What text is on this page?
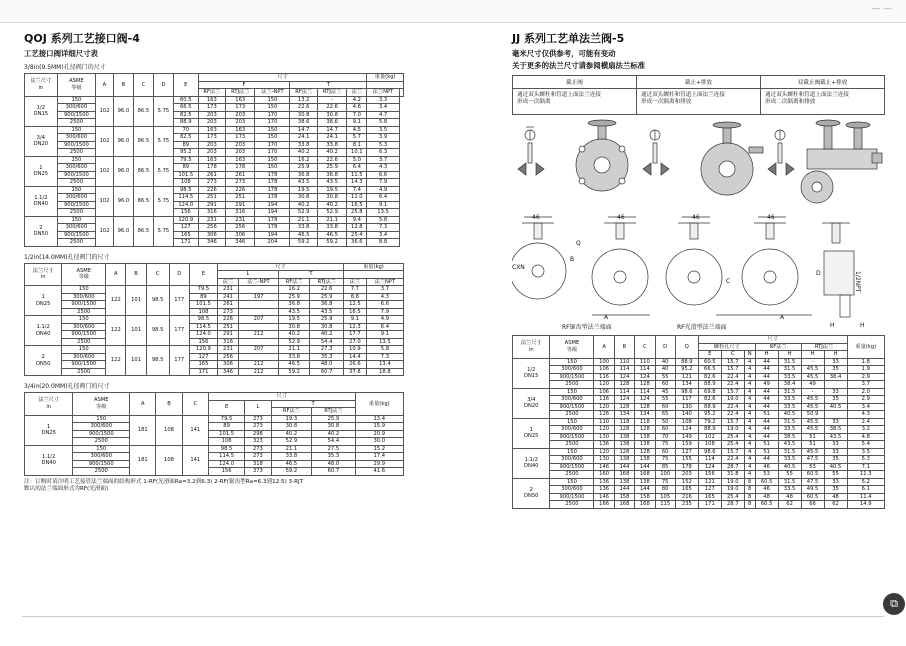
— —
QOJ 系列工艺接口阀-4
工艺接口阀详细尺寸表
3/8in(9.5MM)孔径阀门的尺寸
法兰尺寸
in	ASME
等级	A	B	C	D	E	尺寸						重量(kg)	
							F			T				
							RF法兰	RTJ法兰	法兰-NPT	RF法兰	RTJ法兰	法兰	法兰NPT	
1/2
DN15	150	102	96.0	86.5	5.75	60.5	163	163	150	13.2	-	4.2	3.3	
	300/600					66.5	173	173	150	22.6	22.6	4.6	3.4	
	900/1500					82.5	203	203	170	30.8	30.8	7.0	4.7	
	2500					88.9	203	203	170	38.6	38.6	9.1	5.8	
3/4
DN20	150	102	96.0	86.5	5.75	70	163	163	150	14.7	14.7	4.5	3.5	
	300/600					82.5	173	173	150	24.1	24.1	5.7	3.9	
	900/1500					89	203	203	170	33.8	33.8	8.1	5.3	
	2500					95.2	203	203	170	40.2	40.2	10.1	6.3	
1
DN25	150	102	96.0	86.5	5.75	79.5	163	163	150	16.2	22.6	5.0	3.7	
	300/600					89	178	178	150	25.9	25.9	6.4	4.3	
	900/1500					101.5	261	261	178	36.8	36.8	11.5	6.6	
	2500					108	273	273	178	43.5	43.5	14.3	7.9	
1.1/2
DN40	150	102	96.0	86.5	5.75	98.5	226	226	178	19.5	19.5	7.4	4.9	
	300/600					114.5	251	251	178	30.8	30.8	11.0	6.4	
	900/1500					124.0	291	291	194	40.2	40.2	16.5	9.1	
	2500					156	316	316	194	52.9	52.9	25.8	13.5	
2
DN50	150	102	96.0	86.5	5.75	120.9	231	231	178	21.1	21.1	9.4	5.8	
	300/600					127	256	256	178	33.8	33.8	12.8	7.3	
	900/1500					165	306	306	194	46.5	46.5	25.4	3.4	
	2500					171	346	346	204	59.2	59.2	36.6	8.8	
1/2in(14.0MM)孔径阀门的尺寸
法兰尺寸
in	ASME
等级	A	B	C	D	E	尺寸				重量(kg)	
							L		T			
							法兰	法兰-NPT	RF法兰	RTJ法兰	法兰	法兰NPT
1
DN25	150	122	101	98.5	177	79.5	231		16.2	22.6	7.7	3.7
	300/600					89	241	197	25.9	25.9	8.8	4.3
	900/1500					101.5	261		36.8	36.8	12.5	6.6
	2500					108	273		43.5	43.5	16.5	7.9
1.1/2
DN40	150	122	101	98.5	177	98.5	226	207	19.5	25.9	9.1	4.9
	300/600					114.5	251		30.8	30.8	12.3	6.4
	900/1500					124.0	291	212	40.2	40.2	17.7	9.1
	2500					156	316		52.9	54.4	27.0	13.5
2
DN50	150	122	101	98.5	177	120.9	231	207	21.1	27.3	10.9	5.8
	300/600					127	256		33.8	35.3	14.4	7.3
	900/1500					165	306	212	46.5	48.0	26.6	13.4
	2500					171	346	212	59.2	60.7	37.8	18.8
3/4in(20.0MM)孔径阀门的尺寸
法兰尺寸
in	ASME
等级	A	B	C	尺寸				重量(kg)
					E	L	T		
							RF法兰	RTJ法兰	
1
DN25	150	181	108	141	79.5	273	19.3	25.9	13.4
	300/600				89	273	30.8	30.8	15.9
	900/1500				101.5	298	40.2	40.2	20.9
	2500				108	323	52.9	54.4	30.0
1.1/2
DN40	150	181	108	141	98.5	273	21.1	27.5	15.2
	300/600				114.5	273	33.8	35.3	17.4
	900/1500				124.0	318	46.5	48.0	29.9
	2500				156	373	59.2	60.7	41.6
注：订购时请注明工艺接管法兰端面的结构形式 1-RF(光滑面Ra=3.2到6.3) 2-RF(锯齿型Ra=6.3到12.5) 3-RJT
默认的法兰端面形式为RF(光滑面)
JJ 系列工艺单法兰阀-5
毫米尺寸仅供参考，可能有变动
关于更多的法兰尺寸请参阅横扇法兰标准
截止阀
通过双头螺柱和管道上面法兰连接
形成一次隔离
截止+排放
通过双头螺柱和管道上面法兰连接
形成一次隔离和排放
双截止阀截止+排放
通过双头螺柱和管道上面法兰连接
形成二次隔离和排放
46
CXN
B
Q
46
A
46
C
46
A
1/2NPT
H	H
D
RF锯齿型法兰端面	RF光滑型法兰端面
法兰尺寸
in	ASME
等级	A	B	C	D	Q	尺寸							重量(kg)
							螺栓孔尺寸			RF法兰		RTJ法兰		
							E	C	N	H	H	H	H	
1/2
DN15	150	100	110	110	40	88.9	60.5	15.7	4	44	31.5	-	33	1.8
	300/600	106	114	114	40	95.2	66.5	15.7	4	44	31.5	45.5	35	1.9
	900/1500	116	124	124	55	121	82.6	22.4	4	44	33.5	45.5	38.4	2.9
	2500	120	128	128	60	134	88.9	22.4	4	49	38.4	49		3.7
3/4
DN20	150	106	114	114	45	98.6	69.8	15.7	4	44	31.5	-	33	2.0
	300/600	116	124	124	55	117	82.6	19.0	4	44	33.5	45.5	35	2.9
	900/1500	120	128	128	60	130	88.9	22.4	4	44	33.5	45.5	40.5	3.4
	2500	126	134	134	65	140	95.2	22.4	4	51	40.5	50.9		4.3
1
DN25	150	110	118	118	50	108	79.2	15.7	4	44	31.5	45.5	33	2.4
	300/600	120	128	128	60	124	88.9	19.0	4	44	33.5	45.5	38.5	3.2
	900/1500	130	138	138	70	149	102	25.4	4	44	38.5	51	43.5	4.8
	2500	136	138	138	75	159	108	25.4	4	51	43.5	51	33	5.4
1.1/2
DN40	150	120	128	128	60	127	98.6	15.7	4	51	31.5	45.5	33	3.5
	300/600	130	138	138	75	155	114	22.4	4	44	33.5	47.5	35	5.3
	900/1500	146	144	144	85	178	124	28.7	4	46	40.5	53	40.5	7.1
	2500	160	168	168	100	203	156	31.8	4	53	55	60.5	55	11.3
2
DN50	150	136	138	138	75	152	121	19.0	8	60.5	31.5	47.5	33	5.2
	300/600	136	144	144	80	165	127	19.0	8	46	33.5	49.5	35	6.1
	900/1500	146	158	158	105	216	165	25.4	8	48	48	60.5	48	11.4
	2500	166	168	168	115	235	171	28.7	8	60.5	62	66	62	14.9
⧉
